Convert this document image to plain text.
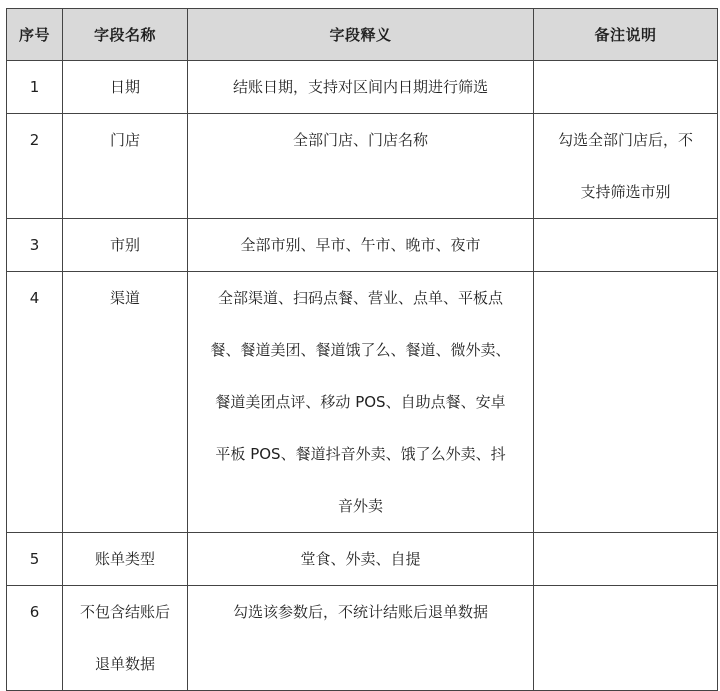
序号	字段名称	字段释义	备注说明

1	日期	结账日期，支持对区间内日期进行筛选	

2	门店	全部门店、门店名称	勾选全部门店后，不
支持筛选市别

3	市别	全部市别、早市、午市、晚市、夜市	

4	渠道	全部渠道、扫码点餐、营业、点单、平板点
餐、餐道美团、餐道饿了么、餐道、微外卖、
餐道美团点评、移动 POS、自助点餐、安卓
平板 POS、餐道抖音外卖、饿了么外卖、抖
音外卖	

5	账单类型	堂食、外卖、自提	

6	不包含结账后
退单数据	勾选该参数后，不统计结账后退单数据	
